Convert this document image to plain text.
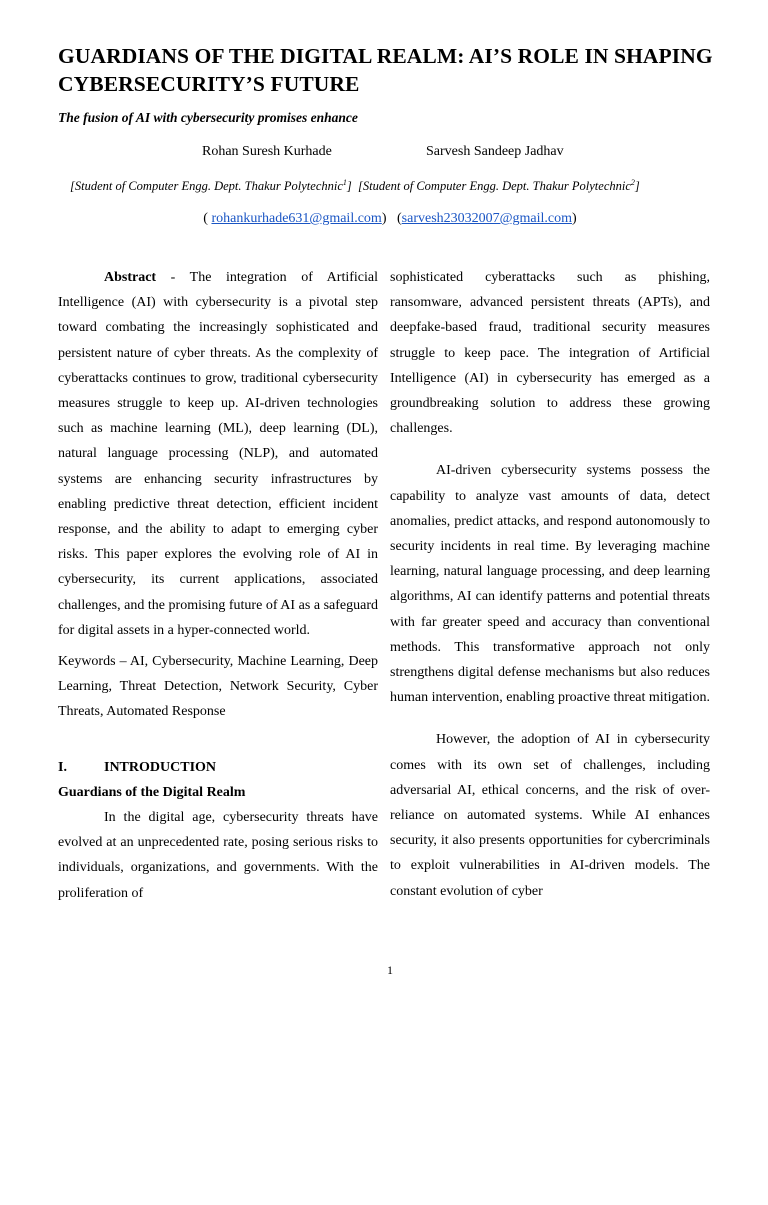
GUARDIANS OF THE DIGITAL REALM: AI’S ROLE IN SHAPING CYBERSECURITY’S FUTURE
The fusion of AI with cybersecurity promises enhance
Rohan Suresh Kurhade	Sarvesh Sandeep Jadhav
[Student of Computer Engg. Dept. Thakur Polytechnic$^1$]  [Student of Computer Engg. Dept. Thakur Polytechnic$^2$]
( rohankurhade631@gmail.com)   (sarvesh23032007@gmail.com)

Abstract - The integration of Artificial Intelligence (AI) with cybersecurity is a pivotal step toward combating the increasingly sophisticated and persistent nature of cyber threats. As the complexity of cyberattacks continues to grow, traditional cybersecurity measures struggle to keep up. AI-driven technologies such as machine learning (ML), deep learning (DL), natural language processing (NLP), and automated systems are enhancing security infrastructures by enabling predictive threat detection, efficient incident response, and the ability to adapt to emerging cyber risks. This paper explores the evolving role of AI in cybersecurity, its current applications, associated challenges, and the promising future of AI as a safeguard for digital assets in a hyper-connected world.

Keywords – AI, Cybersecurity, Machine Learning, Deep Learning, Threat Detection, Network Security, Cyber Threats, Automated Response

I.	INTRODUCTION

Guardians of the Digital Realm

In the digital age, cybersecurity threats have evolved at an unprecedented rate, posing serious risks to individuals, organizations, and governments. With the proliferation of

sophisticated cyberattacks such as phishing, ransomware, advanced persistent threats (APTs), and deepfake-based fraud, traditional security measures struggle to keep pace. The integration of Artificial Intelligence (AI) in cybersecurity has emerged as a groundbreaking solution to address these growing challenges.

AI-driven cybersecurity systems possess the capability to analyze vast amounts of data, detect anomalies, predict attacks, and respond autonomously to security incidents in real time. By leveraging machine learning, natural language processing, and deep learning algorithms, AI can identify patterns and potential threats with far greater speed and accuracy than conventional methods. This transformative approach not only strengthens digital defense mechanisms but also reduces human intervention, enabling proactive threat mitigation.

However, the adoption of AI in cybersecurity comes with its own set of challenges, including adversarial AI, ethical concerns, and the risk of over-reliance on automated systems. While AI enhances security, it also presents opportunities for cybercriminals to exploit vulnerabilities in AI-driven models. The constant evolution of cyber

1
